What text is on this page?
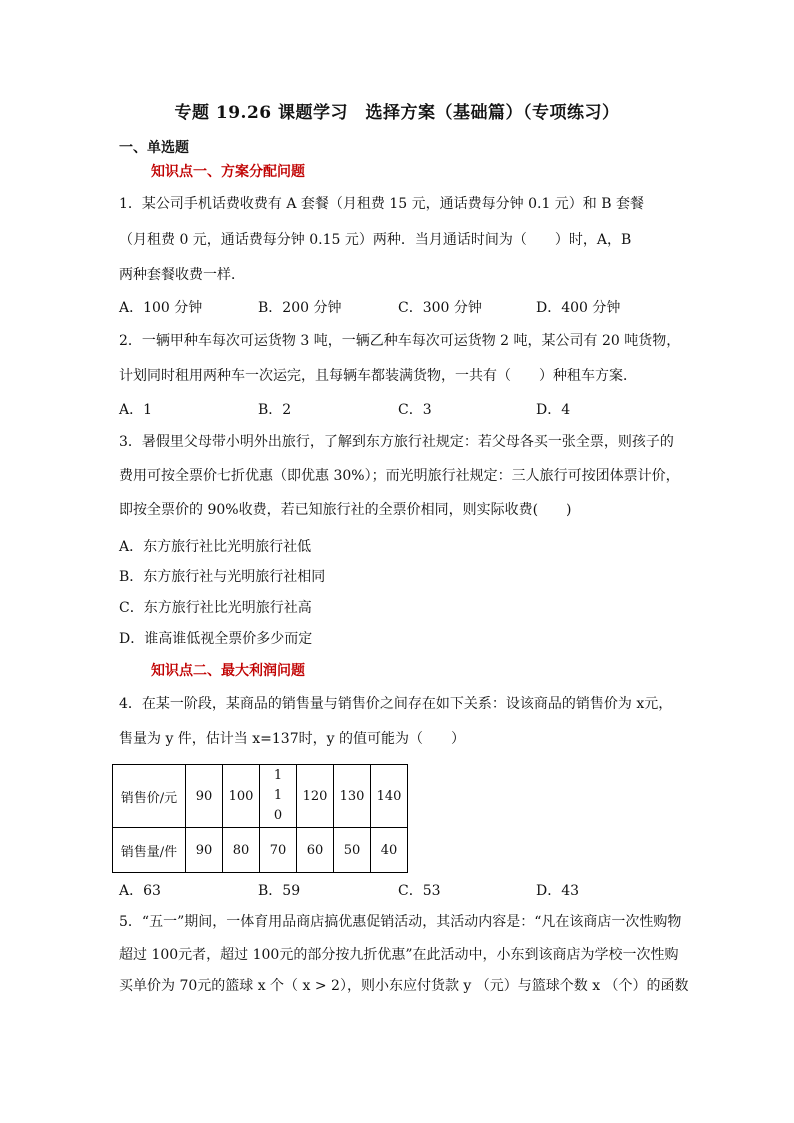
专题 19.26 课题学习　选择方案（基础篇）（专项练习）
一、单选题
知识点一、方案分配问题
1．某公司手机话费收费有 A 套餐（月租费 15 元，通话费每分钟 0.1 元）和 B 套餐
（月租费 0 元，通话费每分钟 0.15 元）两种．当月通话时间为（　　）时，A，B
两种套餐收费一样．
A．100 分钟	B．200 分钟	C．300 分钟	D．400 分钟
2．一辆甲种车每次可运货物 3 吨，一辆乙种车每次可运货物 2 吨，某公司有 20 吨货物，
计划同时租用两种车一次运完，且每辆车都装满货物，一共有（　　）种租车方案．
A．1	B．2	C．3	D．4
3．暑假里父母带小明外出旅行，了解到东方旅行社规定：若父母各买一张全票，则孩子的
费用可按全票价七折优惠（即优惠 30%）；而光明旅行社规定：三人旅行可按团体票计价，
即按全票价的 90%收费，若已知旅行社的全票价相同，则实际收费(　　)
A．东方旅行社比光明旅行社低
B．东方旅行社与光明旅行社相同
C．东方旅行社比光明旅行社高
D．谁高谁低视全票价多少而定
知识点二、最大利润问题
4．在某一阶段，某商品的销售量与销售价之间存在如下关系：设该商品的销售价为 x元，
售量为 y 件，估计当 x=137时，y 的值可能为（　　）
销售价/元	90	100	110	120	130	140
销售量/件	90	80	70	60	50	40
A．63	B．59	C．53	D．43
5．“五一”期间，一体育用品商店搞优惠促销活动，其活动内容是：“凡在该商店一次性购物
超过 100元者，超过 100元的部分按九折优惠”在此活动中，小东到该商店为学校一次性购
买单价为 70元的篮球 x 个（ x > 2），则小东应付货款 y （元）与篮球个数 x （个）的函数
